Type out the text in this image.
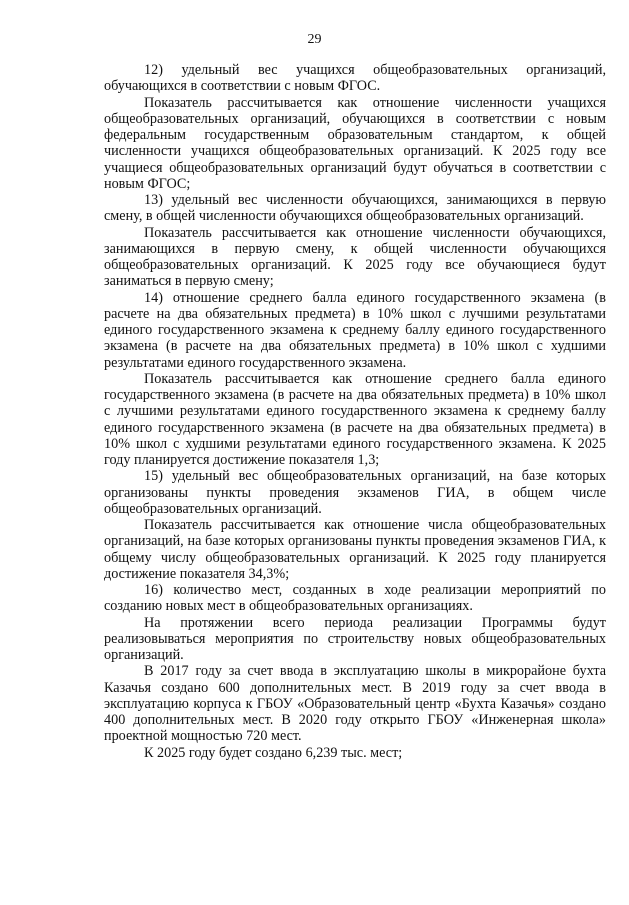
29

12) удельный вес учащихся общеобразовательных организаций, обучающихся в соответствии с новым ФГОС.

Показатель рассчитывается как отношение численности учащихся общеобразовательных организаций, обучающихся в соответствии с новым федеральным государственным образовательным стандартом, к общей численности учащихся общеобразовательных организаций. К 2025 году все учащиеся общеобразовательных организаций будут обучаться в соответствии с новым ФГОС;

13) удельный вес численности обучающихся, занимающихся в первую смену, в общей численности обучающихся общеобразовательных организаций.

Показатель рассчитывается как отношение численности обучающихся, занимающихся в первую смену, к общей численности обучающихся общеобразовательных организаций. К 2025 году все обучающиеся будут заниматься в первую смену;

14) отношение среднего балла единого государственного экзамена (в расчете на два обязательных предмета) в 10% школ с лучшими результатами единого государственного экзамена к среднему баллу единого государственного экзамена (в расчете на два обязательных предмета) в 10% школ с худшими результатами единого государственного экзамена.

Показатель рассчитывается как отношение среднего балла единого государственного экзамена (в расчете на два обязательных предмета) в 10% школ с лучшими результатами единого государственного экзамена к среднему баллу единого государственного экзамена (в расчете на два обязательных предмета) в 10% школ с худшими результатами единого государственного экзамена. К 2025 году планируется достижение показателя 1,3;

15) удельный вес общеобразовательных организаций, на базе которых организованы пункты проведения экзаменов ГИА, в общем числе общеобразовательных организаций.

Показатель рассчитывается как отношение числа общеобразовательных организаций, на базе которых организованы пункты проведения экзаменов ГИА, к общему числу общеобразовательных организаций. К 2025 году планируется достижение показателя 34,3%;

16) количество мест, созданных в ходе реализации мероприятий по созданию новых мест в общеобразовательных организациях.

На протяжении всего периода реализации Программы будут реализовываться мероприятия по строительству новых общеобразовательных организаций.

В 2017 году за счет ввода в эксплуатацию школы в микрорайоне бухта Казачья создано 600 дополнительных мест. В 2019 году за счет ввода в эксплуатацию корпуса к ГБОУ «Образовательный центр «Бухта Казачья» создано 400 дополнительных мест. В 2020 году открыто ГБОУ «Инженерная школа» проектной мощностью 720 мест.

К 2025 году будет создано 6,239 тыс. мест;
